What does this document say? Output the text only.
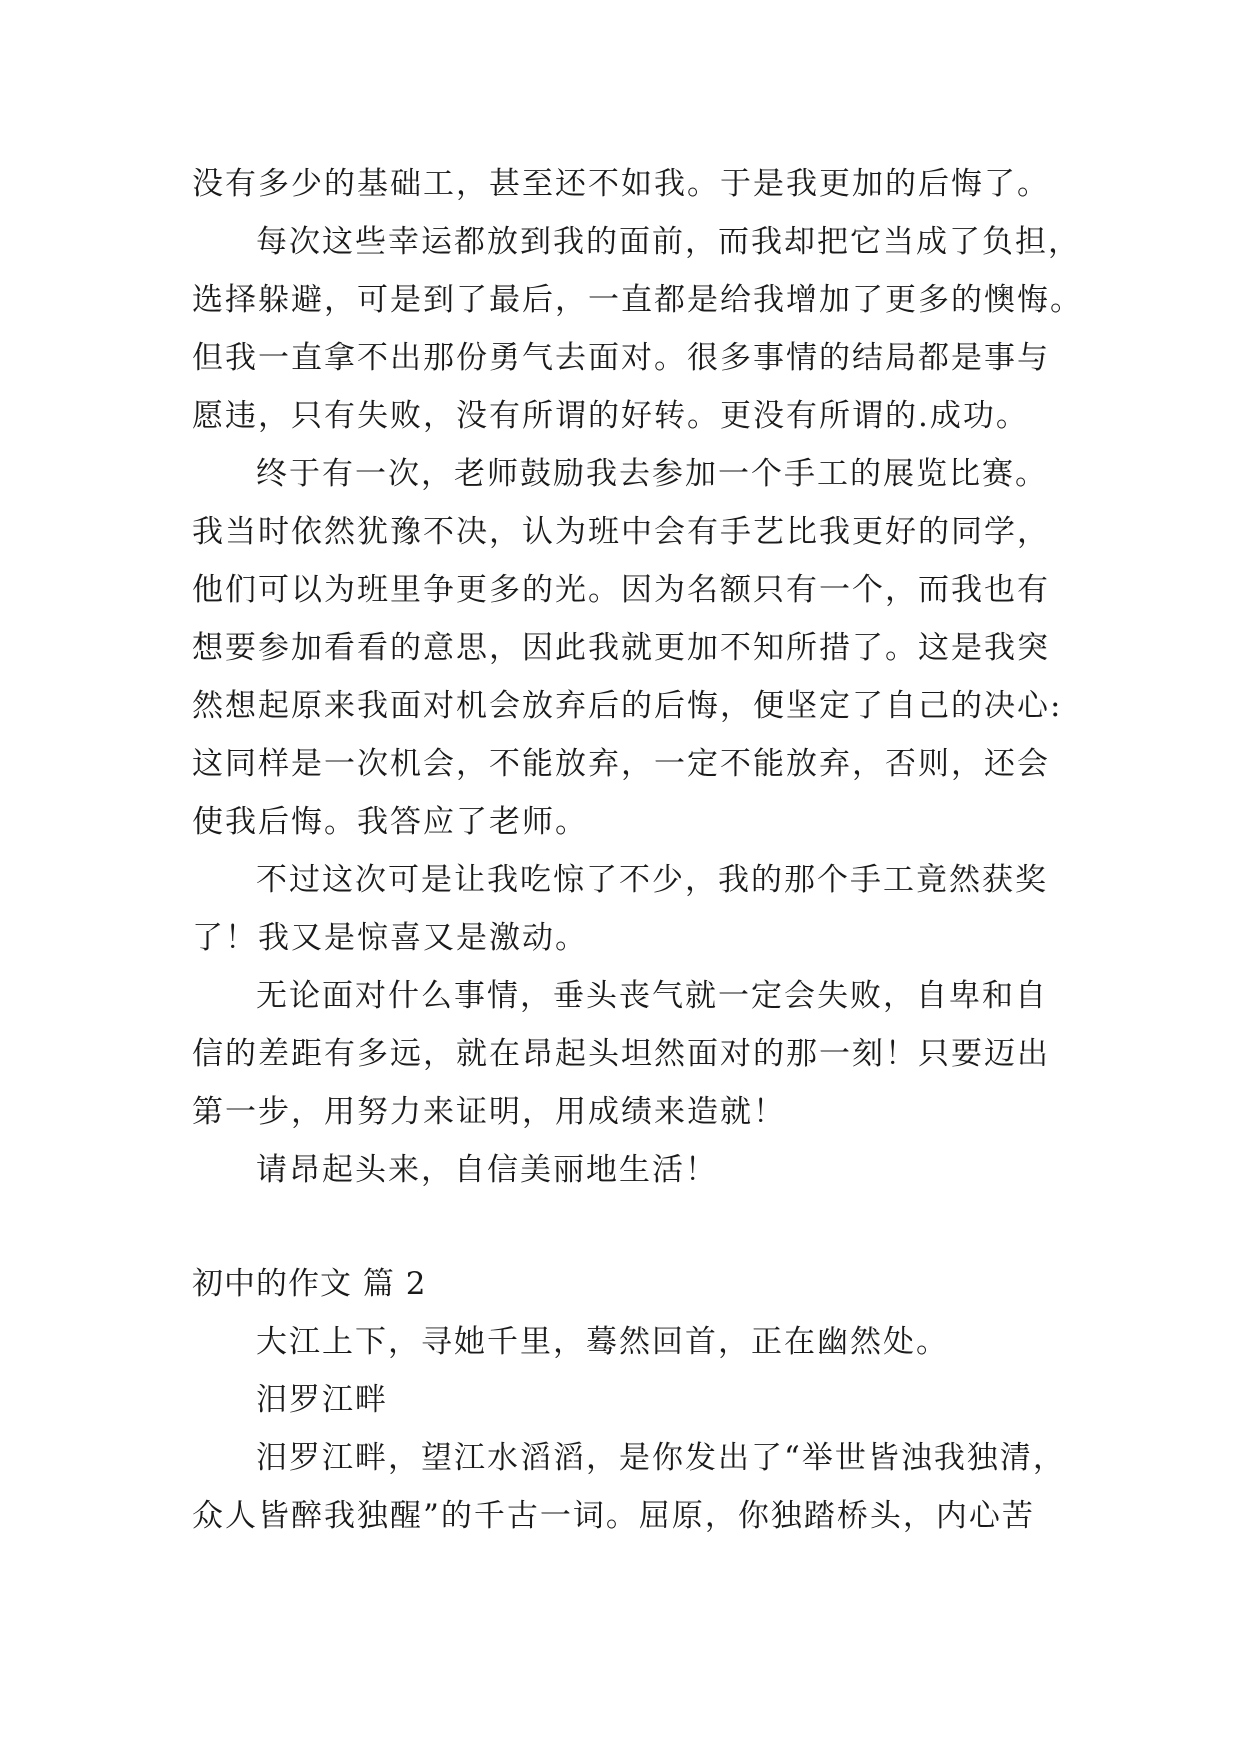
没有多少的基础工，甚至还不如我。于是我更加的后悔了。
每次这些幸运都放到我的面前，而我却把它当成了负担，
选择躲避，可是到了最后，一直都是给我增加了更多的懊悔。
但我一直拿不出那份勇气去面对。很多事情的结局都是事与
愿违，只有失败，没有所谓的好转。更没有所谓的.成功。
终于有一次，老师鼓励我去参加一个手工的展览比赛。
我当时依然犹豫不决，认为班中会有手艺比我更好的同学，
他们可以为班里争更多的光。因为名额只有一个，而我也有
想要参加看看的意思，因此我就更加不知所措了。这是我突
然想起原来我面对机会放弃后的后悔，便坚定了自己的决心:
这同样是一次机会，不能放弃，一定不能放弃，否则，还会
使我后悔。我答应了老师。
不过这次可是让我吃惊了不少，我的那个手工竟然获奖
了！我又是惊喜又是激动。
无论面对什么事情，垂头丧气就一定会失败，自卑和自
信的差距有多远，就在昂起头坦然面对的那一刻！只要迈出
第一步，用努力来证明，用成绩来造就！
请昂起头来，自信美丽地生活！
初中的作文 篇 2
大江上下，寻她千里，蓦然回首，正在幽然处。
汨罗江畔
汨罗江畔，望江水滔滔，是你发出了“举世皆浊我独清，
众人皆醉我独醒”的千古一词。屈原，你独踏桥头，内心苦
